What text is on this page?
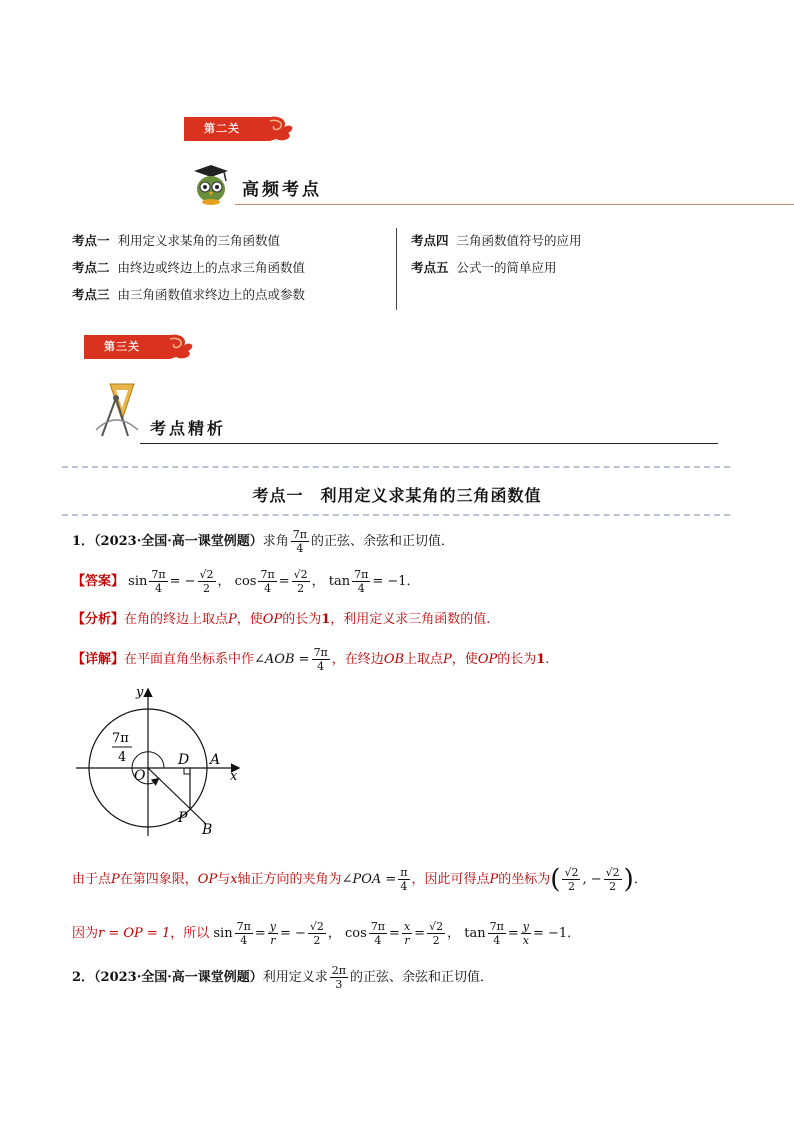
第二关
高频考点
考点一 利用定义求某角的三角函数值
考点二 由终边或终边上的点求三角函数值
考点三 由三角函数值求终边上的点或参数
考点四 三角函数值符号的应用
考点五 公式一的简单应用
第三关
考点精析
考点一　利用定义求某角的三角函数值
1．（2023·全国·高一课堂例题）求角 $\frac{7\pi}{4}$ 的正弦、余弦和正切值．
【答案】 $\sin \frac{7\pi}{4}$ = − $\frac{√2}{2}$ ， $\cos \frac{7\pi}{4} = \frac{√2}{2}$ ， $\tan \frac{7\pi}{4} = -1$．
【分析】在角的终边上取点P，使OP的长为1，利用定义求三角函数的值.
【详解】在平面直角坐标系中作∠AOB = $\frac{7\pi}{4}$ ，在终边OB上取点P，使OP的长为1.
y
x
O
D A
P
B
7π
4
由于点P在第四象限，OP与x轴正方向的夹角为∠POA = $\frac{\pi}{4}$ ，因此可得点P的坐标为( $\frac{√2}{2}$ , − $\frac{√2}{2}$ )．
因为r = OP = 1，所以 $\sin \frac{7\pi}{4} = \frac{y}{r}$ = − $\frac{√2}{2}$ ， $\cos \frac{7\pi}{4} = \frac{x}{r} = \frac{√2}{2}$ ， $\tan \frac{7\pi}{4} = \frac{y}{x} = -1$．
2．（2023·全国·高一课堂例题）利用定义求 $\frac{2\pi}{3}$ 的正弦、余弦和正切值．
